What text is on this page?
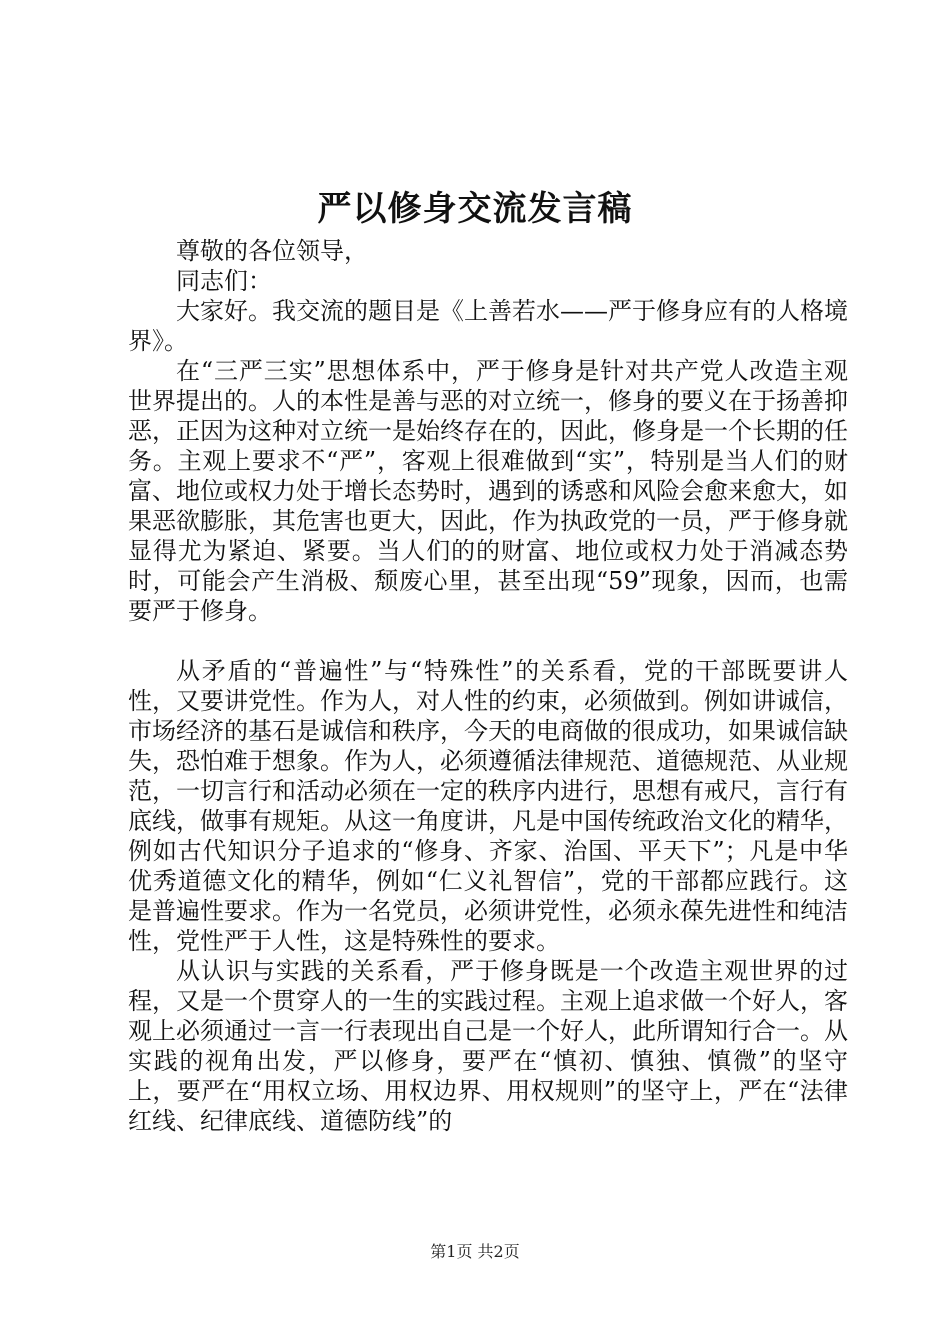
严以修身交流发言稿

尊敬的各位领导，

同志们：

大家好。我交流的题目是《上善若水——严于修身应有的人格境界》。

在“三严三实”思想体系中，严于修身是针对共产党人改造主观世界提出的。人的本性是善与恶的对立统一，修身的要义在于扬善抑恶，正因为这种对立统一是始终存在的，因此，修身是一个长期的任务。主观上要求不“严”，客观上很难做到“实”，特别是当人们的财富、地位或权力处于增长态势时，遇到的诱惑和风险会愈来愈大，如果恶欲膨胀，其危害也更大，因此，作为执政党的一员，严于修身就显得尤为紧迫、紧要。当人们的的财富、地位或权力处于消减态势时，可能会产生消极、颓废心里，甚至出现“59”现象，因而，也需要严于修身。

从矛盾的“普遍性”与“特殊性”的关系看，党的干部既要讲人性，又要讲党性。作为人，对人性的约束，必须做到。例如讲诚信，市场经济的基石是诚信和秩序，今天的电商做的很成功，如果诚信缺失，恐怕难于想象。作为人，必须遵循法律规范、道德规范、从业规范，一切言行和活动必须在一定的秩序内进行，思想有戒尺，言行有底线，做事有规矩。从这一角度讲，凡是中国传统政治文化的精华，例如古代知识分子追求的“修身、齐家、治国、平天下”；凡是中华优秀道德文化的精华，例如“仁义礼智信”，党的干部都应践行。这是普遍性要求。作为一名党员，必须讲党性，必须永葆先进性和纯洁性，党性严于人性，这是特殊性的要求。

从认识与实践的关系看，严于修身既是一个改造主观世界的过程，又是一个贯穿人的一生的实践过程。主观上追求做一个好人，客观上必须通过一言一行表现出自己是一个好人，此所谓知行合一。从实践的视角出发，严以修身，要严在“慎初、慎独、慎微”的坚守上，要严在“用权立场、用权边界、用权规则”的坚守上，严在“法律红线、纪律底线、道德防线”的

第1页 共2页
